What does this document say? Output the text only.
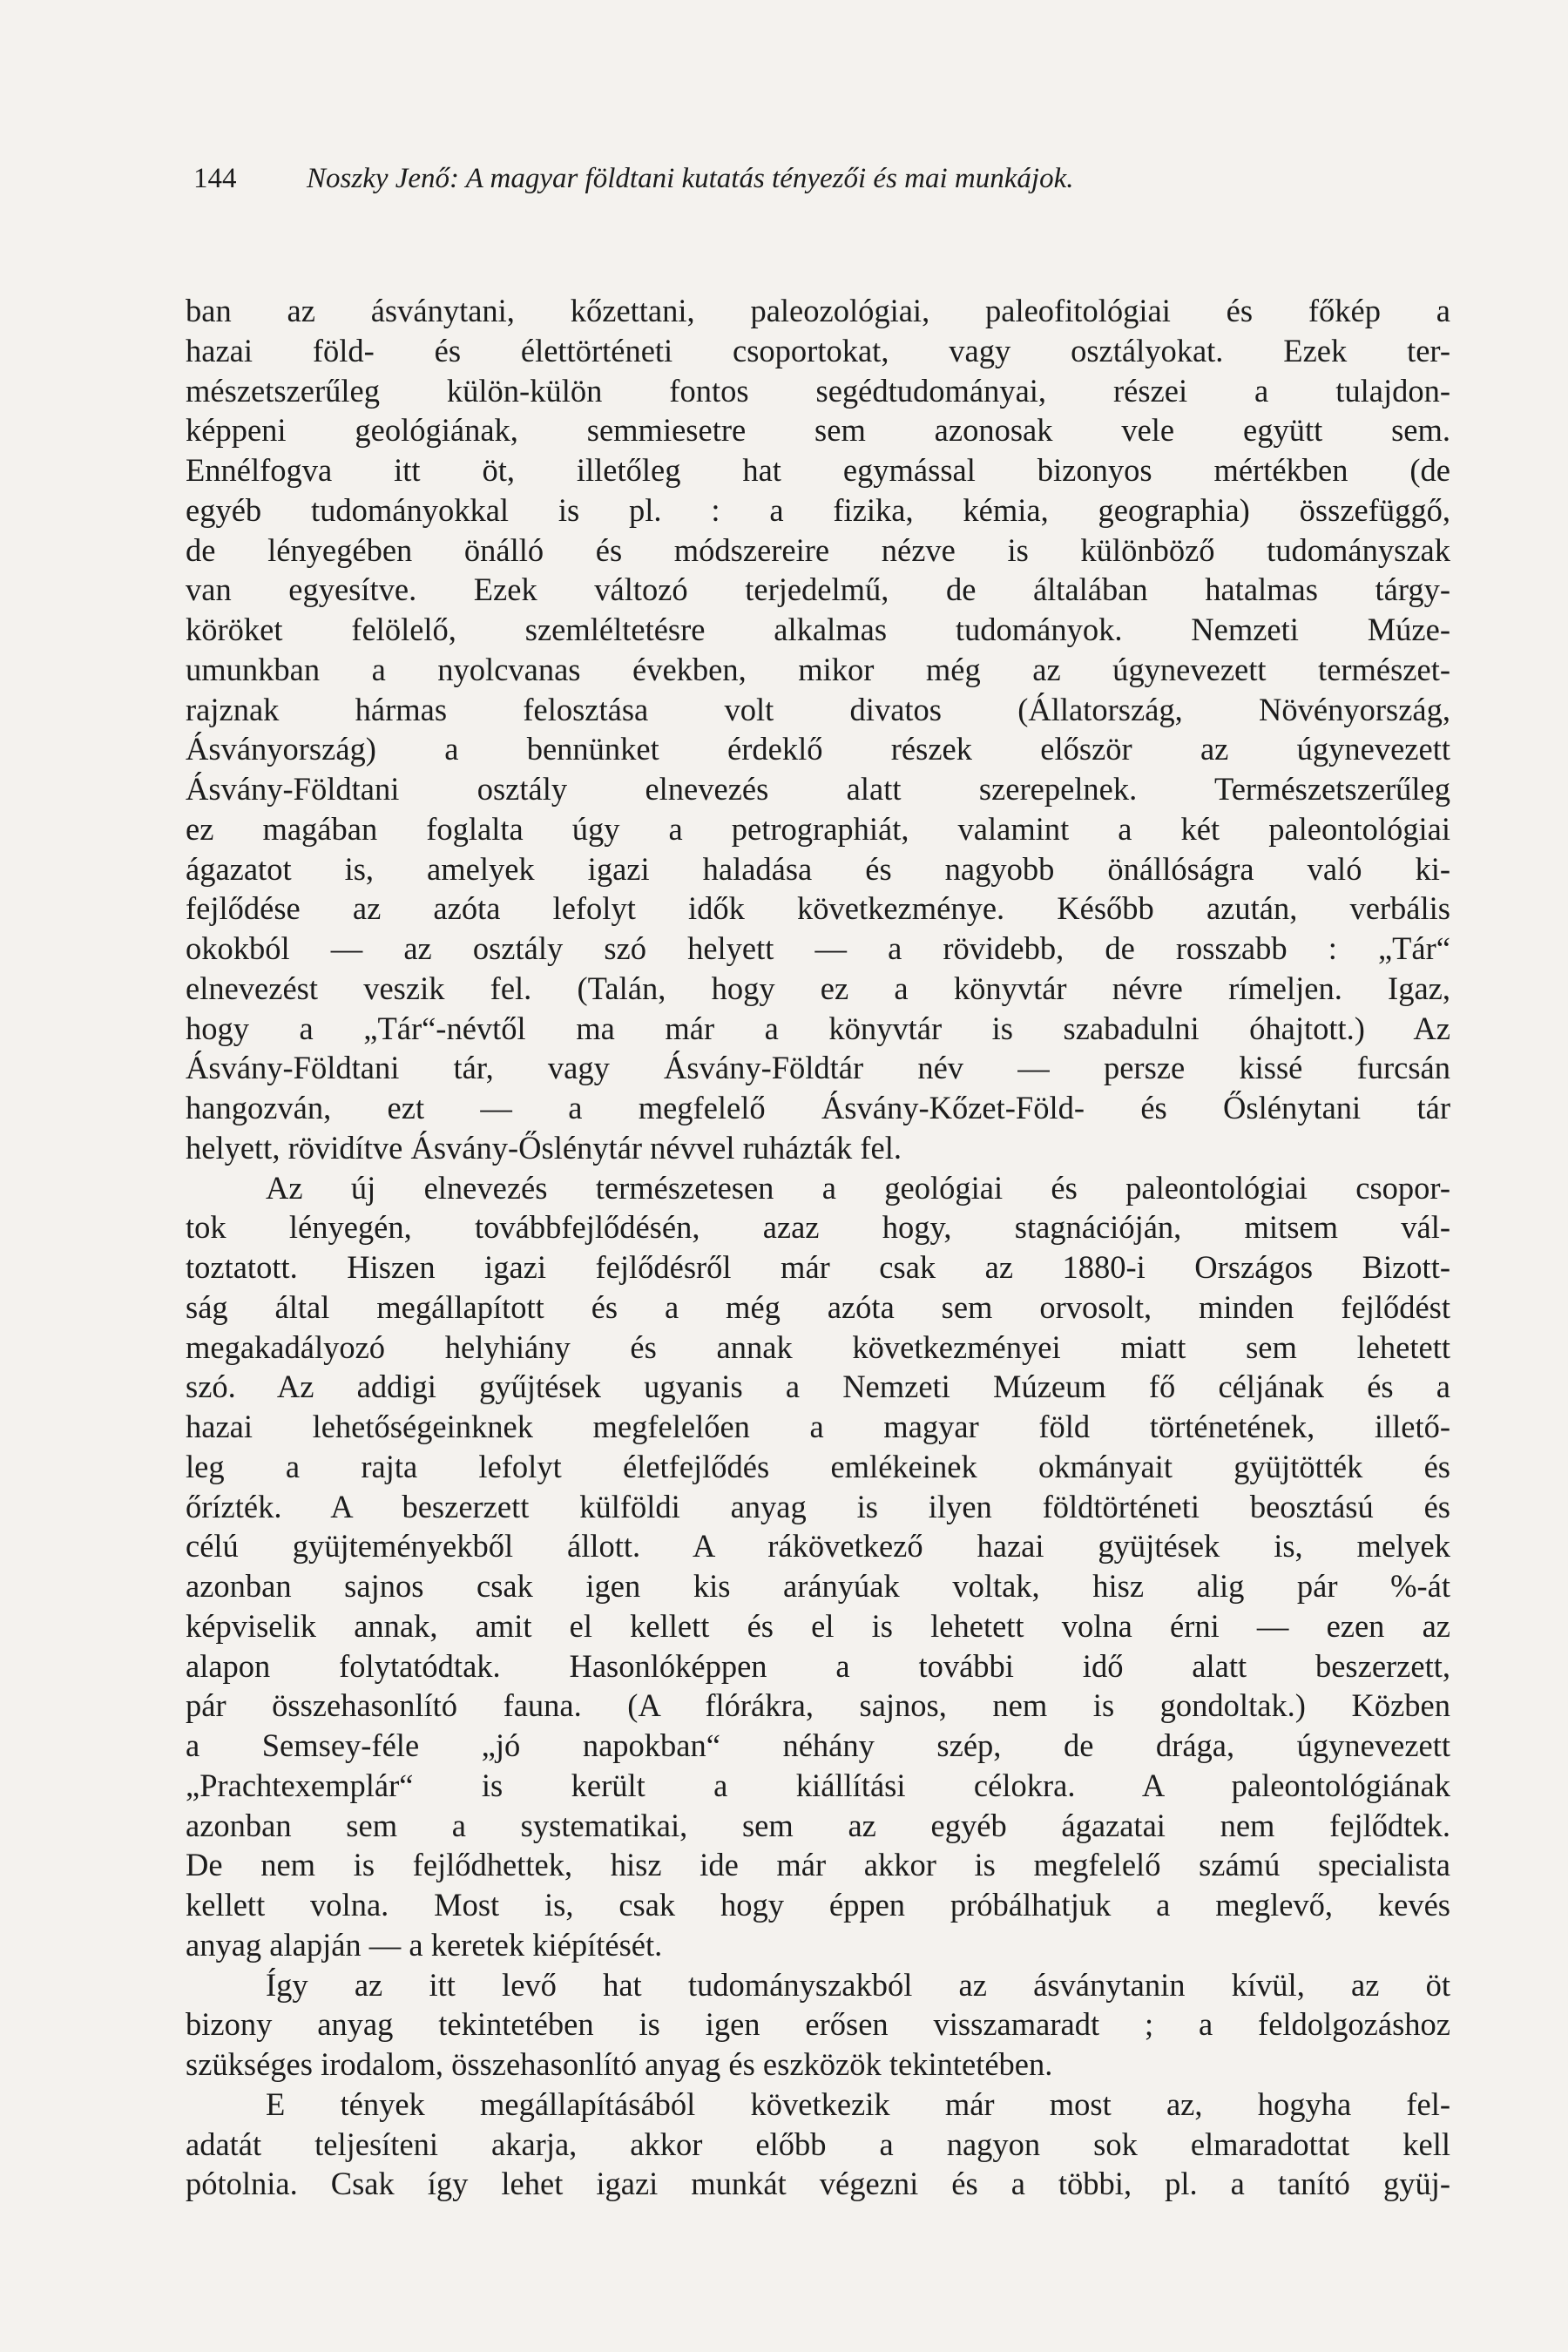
144 Noszky Jenő: A magyar földtani kutatás tényezői és mai munkájok.
ban az ásványtani, kőzettani, paleozológiai, paleofitológiai és főkép a
hazai föld- és élettörténeti csoportokat, vagy osztályokat. Ezek ter-
mészetszerűleg külön-külön fontos segédtudományai, részei a tulajdon-
képpeni geológiának, semmiesetre sem azonosak vele együtt sem.
Ennélfogva itt öt, illetőleg hat egymással bizonyos mértékben (de
egyéb tudományokkal is pl. : a fizika, kémia, geographia) összefüggő,
de lényegében önálló és módszereire nézve is különböző tudományszak
van egyesítve. Ezek változó terjedelmű, de általában hatalmas tárgy-
köröket felölelő, szemléltetésre alkalmas tudományok. Nemzeti Múze-
umunkban a nyolcvanas években, mikor még az úgynevezett természet-
rajznak hármas felosztása volt divatos (Állatország, Növényország,
Ásványország) a bennünket érdeklő részek először az úgynevezett
Ásvány-Földtani osztály elnevezés alatt szerepelnek. Természetszerűleg
ez magában foglalta úgy a petrographiát, valamint a két paleontológiai
ágazatot is, amelyek igazi haladása és nagyobb önállóságra való ki-
fejlődése az azóta lefolyt idők következménye. Később azután, verbális
okokból — az osztály szó helyett — a rövidebb, de rosszabb : „Tár“
elnevezést veszik fel. (Talán, hogy ez a könyvtár névre rímeljen. Igaz,
hogy a „Tár“-névtől ma már a könyvtár is szabadulni óhajtott.) Az
Ásvány-Földtani tár, vagy Ásvány-Földtár név — persze kissé furcsán
hangozván, ezt — a megfelelő Ásvány-Kőzet-Föld- és Őslénytani tár
helyett, rövidítve Ásvány-Őslénytár névvel ruházták fel.
Az új elnevezés természetesen a geológiai és paleontológiai csopor-
tok lényegén, továbbfejlődésén, azaz hogy, stagnációján, mitsem vál-
toztatott. Hiszen igazi fejlődésről már csak az 1880-i Országos Bizott-
ság által megállapított és a még azóta sem orvosolt, minden fejlődést
megakadályozó helyhiány és annak következményei miatt sem lehetett
szó. Az addigi gyűjtések ugyanis a Nemzeti Múzeum fő céljának és a
hazai lehetőségeinknek megfelelően a magyar föld történetének, illető-
leg a rajta lefolyt életfejlődés emlékeinek okmányait gyüjtötték és
őrízték. A beszerzett külföldi anyag is ilyen földtörténeti beosztású és
célú gyüjteményekből állott. A rákövetkező hazai gyüjtések is, melyek
azonban sajnos csak igen kis arányúak voltak, hisz alig pár %-át
képviselik annak, amit el kellett és el is lehetett volna érni — ezen az
alapon folytatódtak. Hasonlóképpen a további idő alatt beszerzett,
pár összehasonlító fauna. (A flórákra, sajnos, nem is gondoltak.) Közben
a Semsey-féle „jó napokban“ néhány szép, de drága, úgynevezett
„Prachtexemplár“ is került a kiállítási célokra. A paleontológiának
azonban sem a systematikai, sem az egyéb ágazatai nem fejlődtek.
De nem is fejlődhettek, hisz ide már akkor is megfelelő számú specialista
kellett volna. Most is, csak hogy éppen próbálhatjuk a meglevő, kevés
anyag alapján — a keretek kiépítését.
Így az itt levő hat tudományszakból az ásványtanin kívül, az öt
bizony anyag tekintetében is igen erősen visszamaradt ; a feldolgozáshoz
szükséges irodalom, összehasonlító anyag és eszközök tekintetében.
E tények megállapításából következik már most az, hogyha fel-
adatát teljesíteni akarja, akkor előbb a nagyon sok elmaradottat kell
pótolnia. Csak így lehet igazi munkát végezni és a többi, pl. a tanító gyüj-
